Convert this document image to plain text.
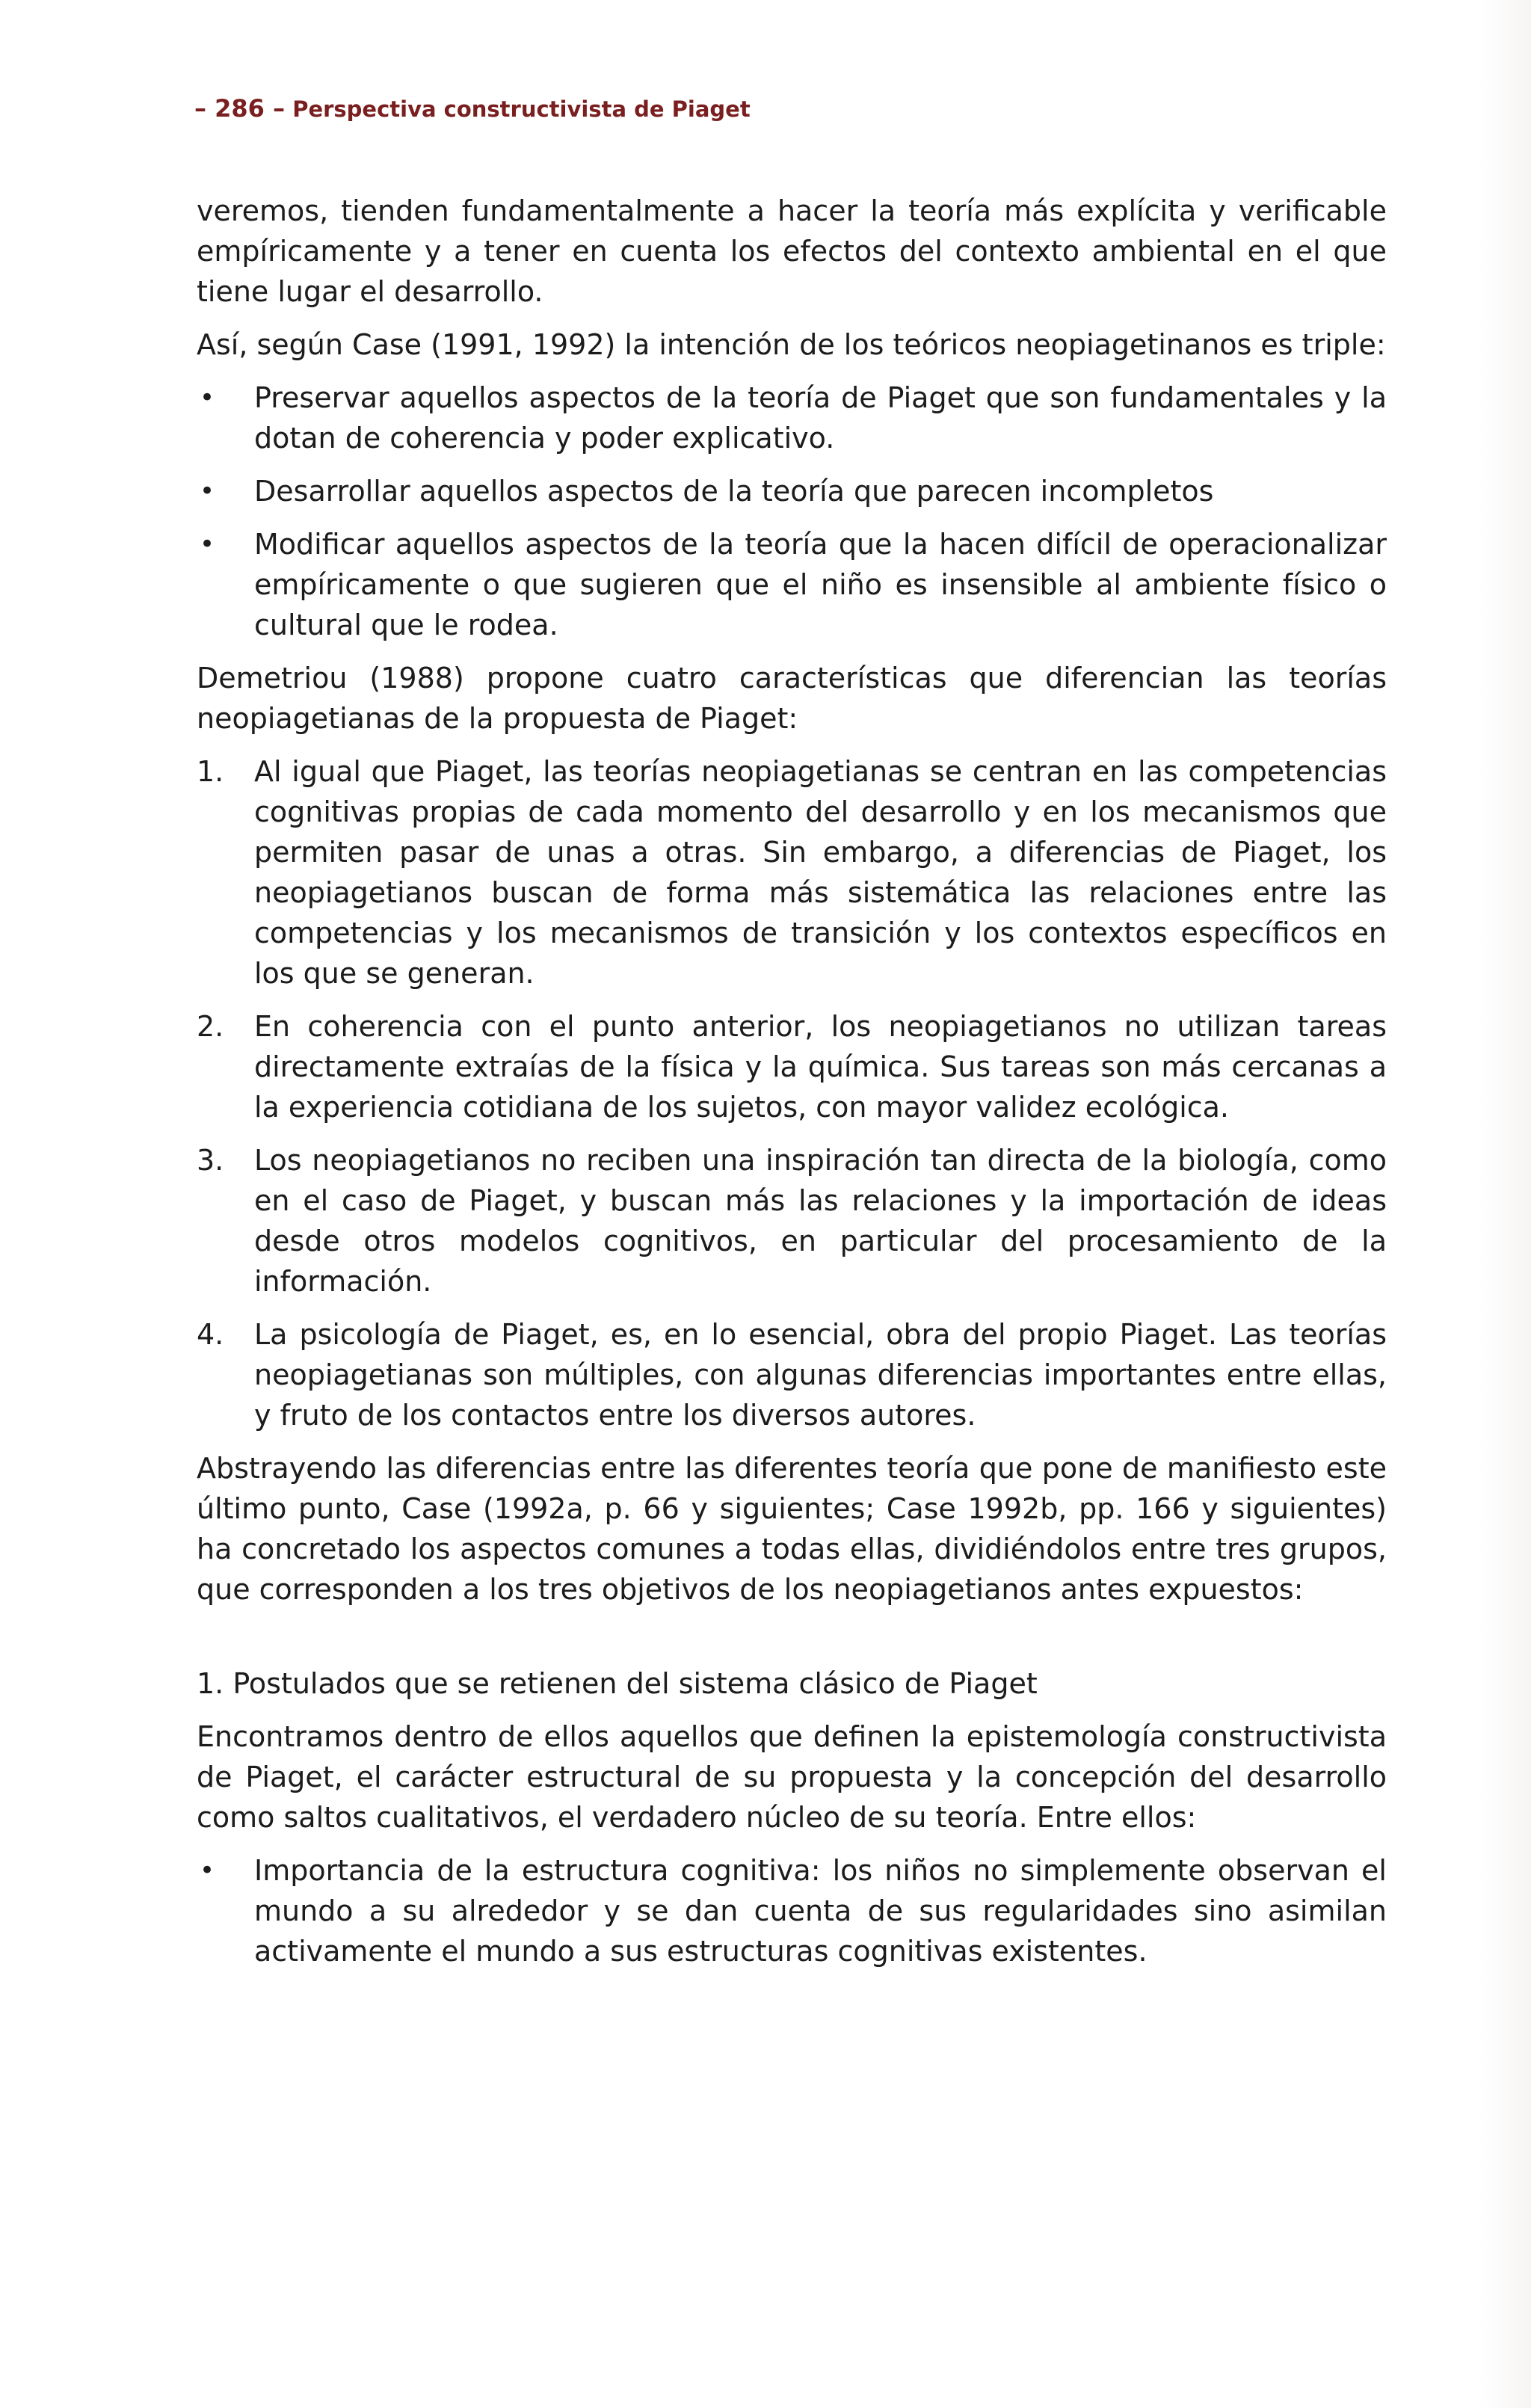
– 286 – Perspectiva constructivista de Piaget

veremos, tienden fundamentalmente a hacer la teoría más explícita y verificable empíricamente y a tener en cuenta los efectos del contexto ambiental en el que tiene lugar el desarrollo.

Así, según Case (1991, 1992) la intención de los teóricos neopiagetinanos es triple:

• Preservar aquellos aspectos de la teoría de Piaget que son fundamentales y la dotan de coherencia y poder explicativo.
• Desarrollar aquellos aspectos de la teoría que parecen incompletos
• Modificar aquellos aspectos de la teoría que la hacen difícil de operacionalizar empíricamente o que sugieren que el niño es insensible al ambiente físico o cultural que le rodea.

Demetriou (1988) propone cuatro características que diferencian las teorías neopiagetianas de la propuesta de Piaget:

1. Al igual que Piaget, las teorías neopiagetianas se centran en las competencias cognitivas propias de cada momento del desarrollo y en los mecanismos que permiten pasar de unas a otras. Sin embargo, a diferencias de Piaget, los neopiagetianos buscan de forma más sistemática las relaciones entre las competencias y los mecanismos de transición y los contextos específicos en los que se generan.
2. En coherencia con el punto anterior, los neopiagetianos no utilizan tareas directamente extraías de la física y la química. Sus tareas son más cercanas a la experiencia cotidiana de los sujetos, con mayor validez ecológica.
3. Los neopiagetianos no reciben una inspiración tan directa de la biología, como en el caso de Piaget, y buscan más las relaciones y la importación de ideas desde otros modelos cognitivos, en particular del procesamiento de la información.
4. La psicología de Piaget, es, en lo esencial, obra del propio Piaget. Las teorías neopiagetianas son múltiples, con algunas diferencias importantes entre ellas, y fruto de los contactos entre los diversos autores.

Abstrayendo las diferencias entre las diferentes teoría que pone de manifiesto este último punto, Case (1992a, p. 66 y siguientes; Case 1992b, pp. 166 y siguientes) ha concretado los aspectos comunes a todas ellas, dividiéndolos entre tres grupos, que corresponden a los tres objetivos de los neopiagetianos antes expuestos:

1. Postulados que se retienen del sistema clásico de Piaget

Encontramos dentro de ellos aquellos que definen la epistemología constructivista de Piaget, el carácter estructural de su propuesta y la concepción del desarrollo como saltos cualitativos, el verdadero núcleo de su teoría. Entre ellos:

• Importancia de la estructura cognitiva: los niños no simplemente observan el mundo a su alrededor y se dan cuenta de sus regularidades sino asimilan activamente el mundo a sus estructuras cognitivas existentes.
